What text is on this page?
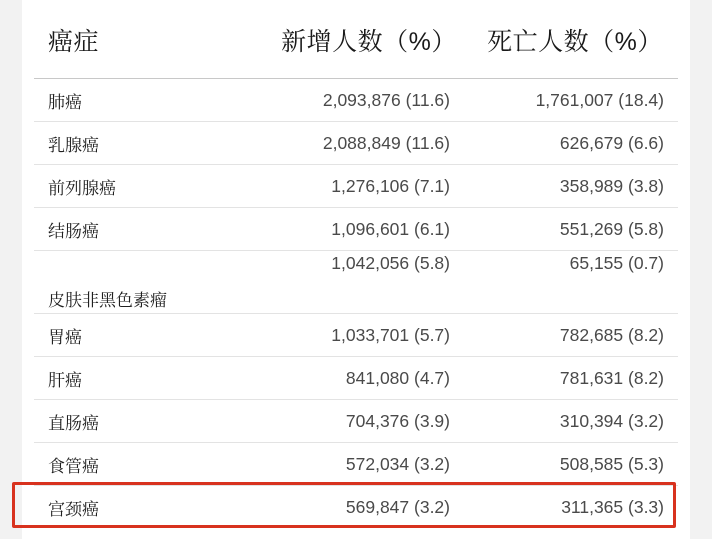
癌症	新增人数（%）	死亡人数（%）
肺癌	2,093,876 (11.6)	1,761,007 (18.4)
乳腺癌	2,088,849 (11.6)	626,679 (6.6)
前列腺癌	1,276,106 (7.1)	358,989 (3.8)
结肠癌	1,096,601 (6.1)	551,269 (5.8)
皮肤非黑色素瘤	1,042,056 (5.8)	65,155 (0.7)
胃癌	1,033,701 (5.7)	782,685 (8.2)
肝癌	841,080 (4.7)	781,631 (8.2)
直肠癌	704,376 (3.9)	310,394 (3.2)
食管癌	572,034 (3.2)	508,585 (5.3)
宫颈癌	569,847 (3.2)	311,365 (3.3)
